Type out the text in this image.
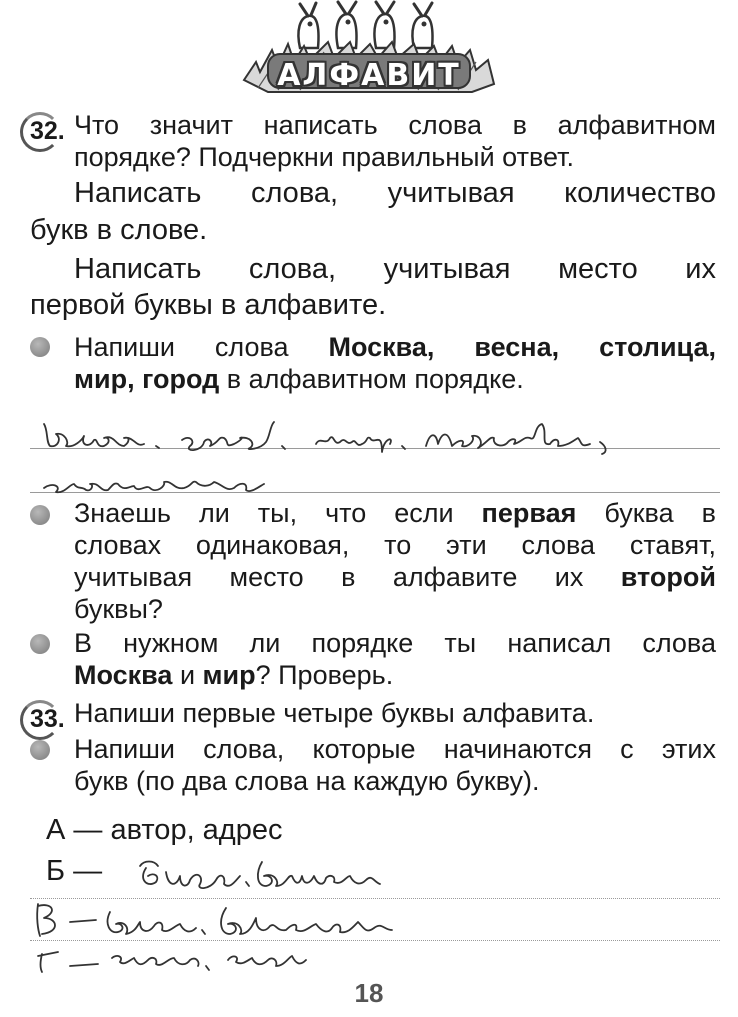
АЛФАВИТ
32. Что значит написать слова в алфавитном
порядке? Подчеркни правильный ответ.
Написать слова, учитывая количество
букв в слове.
Написать слова, учитывая место их
первой буквы в алфавите.
Напиши слова Москва, весна, столица,
мир, город в алфавитном порядке.
Знаешь ли ты, что если первая буква в
словах одинаковая, то эти слова ставят,
учитывая место в алфавите их второй
буквы?
В нужном ли порядке ты написал слова
Москва и мир? Проверь.
33. Напиши первые четыре буквы алфавита.
Напиши слова, которые начинаются с этих
букв (по два слова на каждую букву).
А — автор, адрес
Б —
18
